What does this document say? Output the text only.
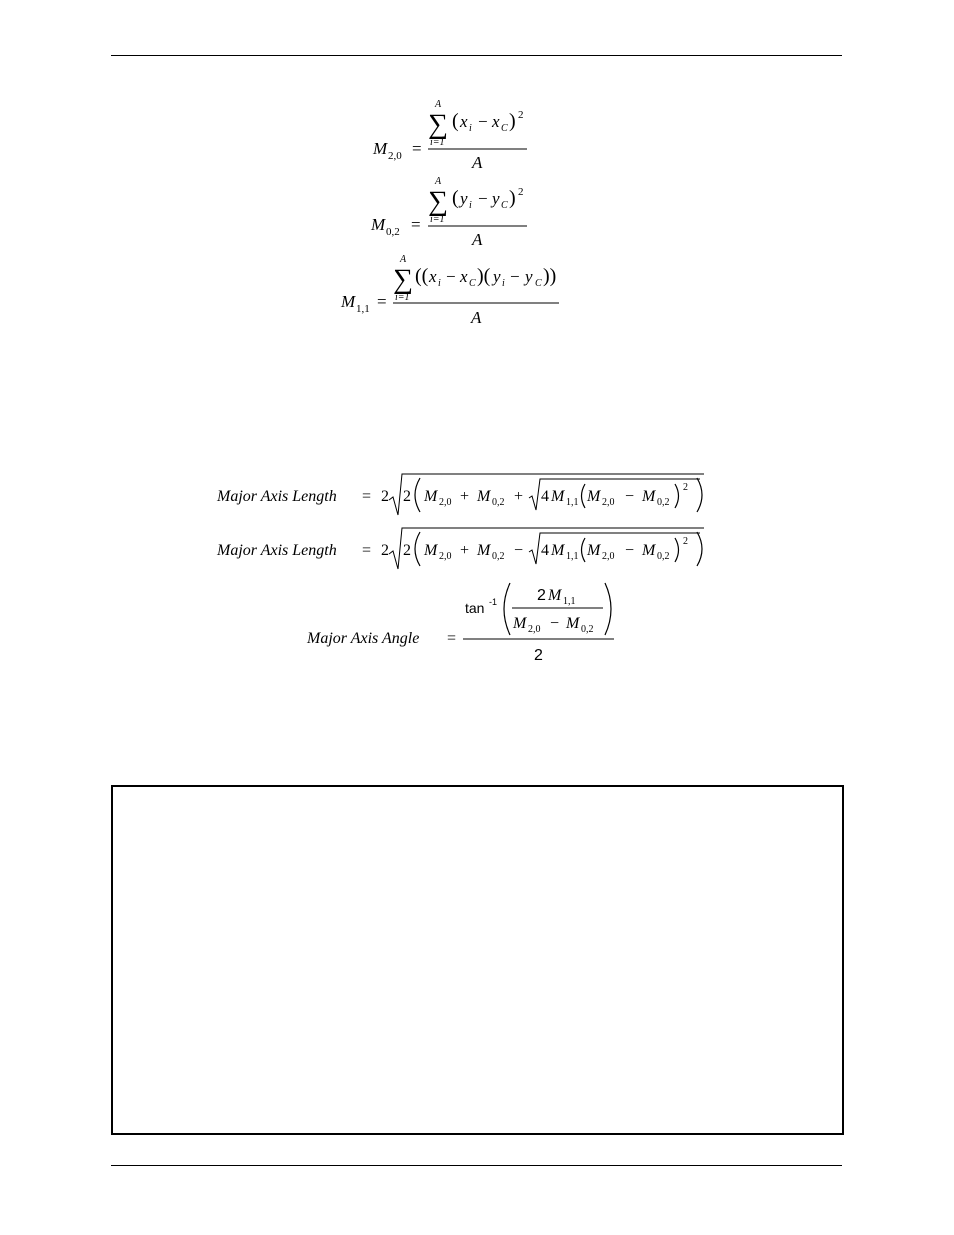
M 2,0 =
A
∑
i=1
( x i − x C ) 2
A
M 0,2 =
A
∑
i=1
( y i − y C ) 2
A
M 1,1 =
A
∑
i=1
(( x i − x C )( y i − y C ))
A
Major Axis Length = 2 2 M 2,0 + M 0,2 + 4 M 1,1 M 2,0 − M 0,2
2
Major Axis Length = 2 2 M 2,0 + M 0,2 − 4 M 1,1 M 2,0 − M 0,2
2
Major Axis Angle =
tan -1 2 M 1,1
M 2,0 − M 0,2
2
